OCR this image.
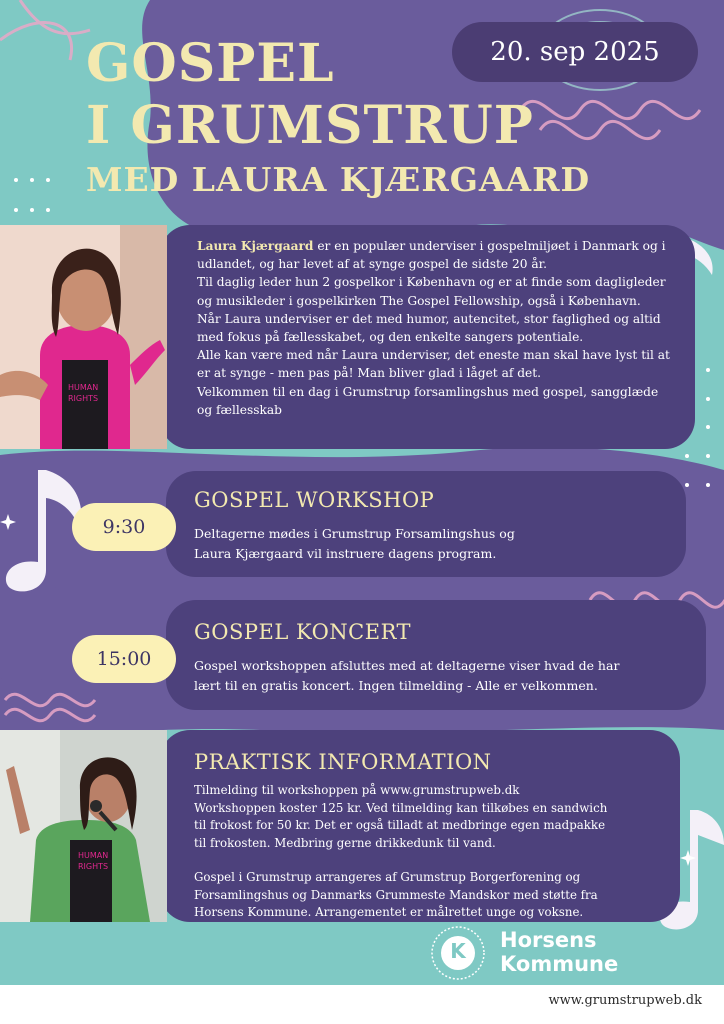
GOSPEL
I GRUMSTRUP
MED LAURA KJÆRGAARD
20. sep 2025
HUMAN
RIGHTS

Laura Kjærgaard er en populær underviser i gospelmiljøet i Danmark og i udlandet, og har levet af at synge gospel de sidste 20 år.

Til daglig leder hun 2 gospelkor i København og er at finde som dagligleder og musikleder i gospelkirken The Gospel Fellowship, også i København.

Når Laura underviser er det med humor, autencitet, stor faglighed og altid med fokus på fællesskabet, og den enkelte sangers potentiale.

Alle kan være med når Laura underviser, det eneste man skal have lyst til at er at synge - men pas på! Man bliver glad i låget af det.

Velkommen til en dag i Grumstrup forsamlingshus med gospel, sangglæde og fællesskab

9:30
GOSPEL WORKSHOP
Deltagerne mødes i Grumstrup Forsamlingshus og
Laura Kjærgaard vil instruere dagens program.
15:00
GOSPEL KONCERT
Gospel workshoppen afsluttes med at deltagerne viser hvad de har
lært til en gratis koncert. Ingen tilmelding - Alle er velkommen.
HUMAN
RIGHTS
PRAKTISK INFORMATION
Tilmelding til workshoppen på www.grumstrupweb.dk
Workshoppen koster 125 kr. Ved tilmelding kan tilkøbes en sandwich
til frokost for 50 kr. Det er også tilladt at medbringe egen madpakke
til frokosten. Medbring gerne drikkedunk til vand.
Gospel i Grumstrup arrangeres af Grumstrup Borgerforening og
Forsamlingshus og Danmarks Grummeste Mandskor med støtte fra
Horsens Kommune. Arrangementet er målrettet unge og voksne.
K	Horsens
Kommune
www.grumstrupweb.dk
